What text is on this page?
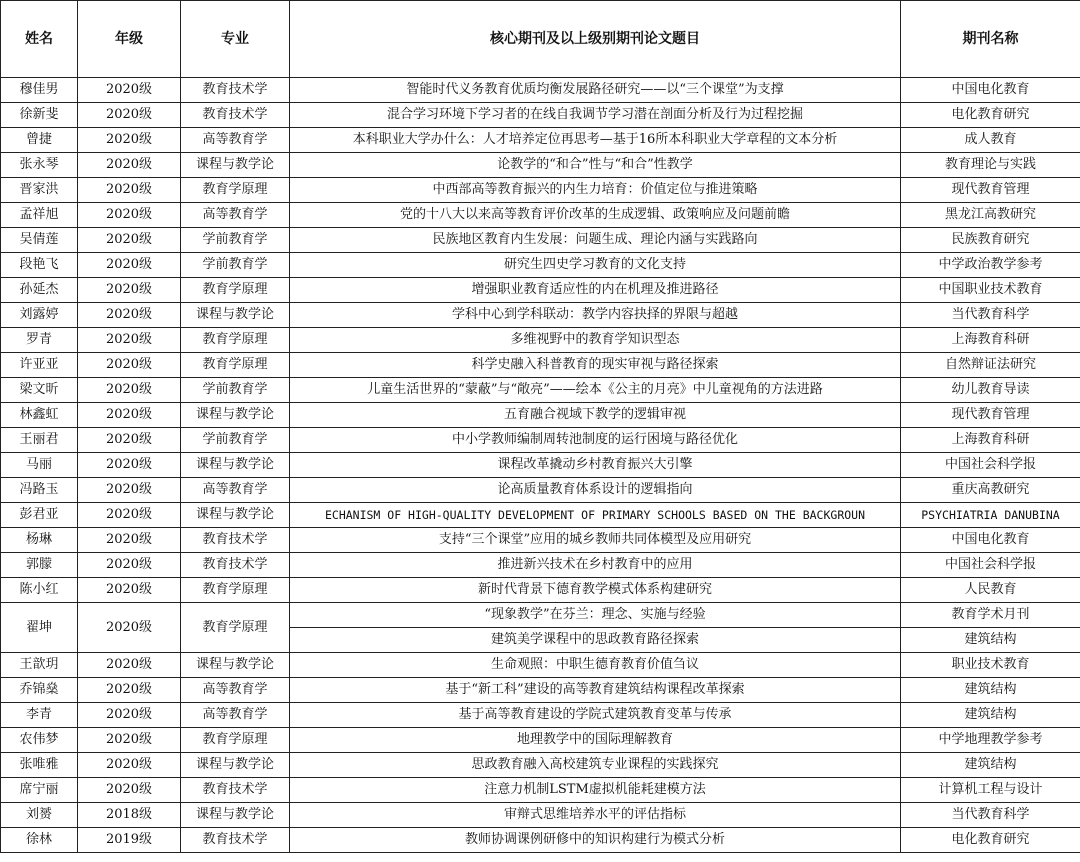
姓名	年级	专业	核心期刊及以上级别期刊论文题目	期刊名称
穆佳男	2020级	教育技术学	智能时代义务教育优质均衡发展路径研究——以“三个课堂”为支撑	中国电化教育
徐新斐	2020级	教育技术学	混合学习环境下学习者的在线自我调节学习潜在剖面分析及行为过程挖掘	电化教育研究
曾捷	2020级	高等教育学	本科职业大学办什么：人才培养定位再思考—基于16所本科职业大学章程的文本分析	成人教育
张永琴	2020级	课程与教学论	论教学的“和合”性与“和合”性教学	教育理论与实践
晋家洪	2020级	教育学原理	中西部高等教育振兴的内生力培育：价值定位与推进策略	现代教育管理
孟祥旭	2020级	高等教育学	党的十八大以来高等教育评价改革的生成逻辑、政策响应及问题前瞻	黑龙江高教研究
吴倩莲	2020级	学前教育学	民族地区教育内生发展：问题生成、理论内涵与实践路向	民族教育研究
段艳飞	2020级	学前教育学	研究生四史学习教育的文化支持	中学政治教学参考
孙延杰	2020级	教育学原理	增强职业教育适应性的内在机理及推进路径	中国职业技术教育
刘露婷	2020级	课程与教学论	学科中心到学科联动：教学内容抉择的界限与超越	当代教育科学
罗青	2020级	教育学原理	多维视野中的教育学知识型态	上海教育科研
许亚亚	2020级	教育学原理	科学史融入科普教育的现实审视与路径探索	自然辩证法研究
梁文昕	2020级	学前教育学	儿童生活世界的“蒙蔽”与“敞亮”——绘本《公主的月亮》中儿童视角的方法进路	幼儿教育导读
林鑫虹	2020级	课程与教学论	五育融合视域下教学的逻辑审视	现代教育管理
王丽君	2020级	学前教育学	中小学教师编制周转池制度的运行困境与路径优化	上海教育科研
马丽	2020级	课程与教学论	课程改革撬动乡村教育振兴大引擎	中国社会科学报
冯路玉	2020级	高等教育学	论高质量教育体系设计的逻辑指向	重庆高教研究
彭君亚	2020级	课程与教学论	ECHANISM OF HIGH-QUALITY DEVELOPMENT OF PRIMARY SCHOOLS BASED ON THE BACKGROUN	PSYCHIATRIA DANUBINA
杨琳	2020级	教育技术学	支持“三个课堂”应用的城乡教师共同体模型及应用研究	中国电化教育
郭朦	2020级	教育技术学	推进新兴技术在乡村教育中的应用	中国社会科学报
陈小红	2020级	教育学原理	新时代背景下德育教学模式体系构建研究	人民教育
翟坤	2020级	教育学原理	“现象教学”在芬兰：理念、实施与经验	教育学术月刊
			建筑美学课程中的思政教育路径探索	建筑结构
王歆玥	2020级	课程与教学论	生命观照：中职生德育教育价值刍议	职业技术教育
乔锦燊	2020级	高等教育学	基于“新工科”建设的高等教育建筑结构课程改革探索	建筑结构
李青	2020级	高等教育学	基于高等教育建设的学院式建筑教育变革与传承	建筑结构
农伟梦	2020级	教育学原理	地理教学中的国际理解教育	中学地理教学参考
张唯雅	2020级	课程与教学论	思政教育融入高校建筑专业课程的实践探究	建筑结构
席宁丽	2020级	教育技术学	注意力机制LSTM虚拟机能耗建模方法	计算机工程与设计
刘赟	2018级	课程与教学论	审辩式思维培养水平的评估指标	当代教育科学
徐林	2019级	教育技术学	教师协调课例研修中的知识构建行为模式分析	电化教育研究
